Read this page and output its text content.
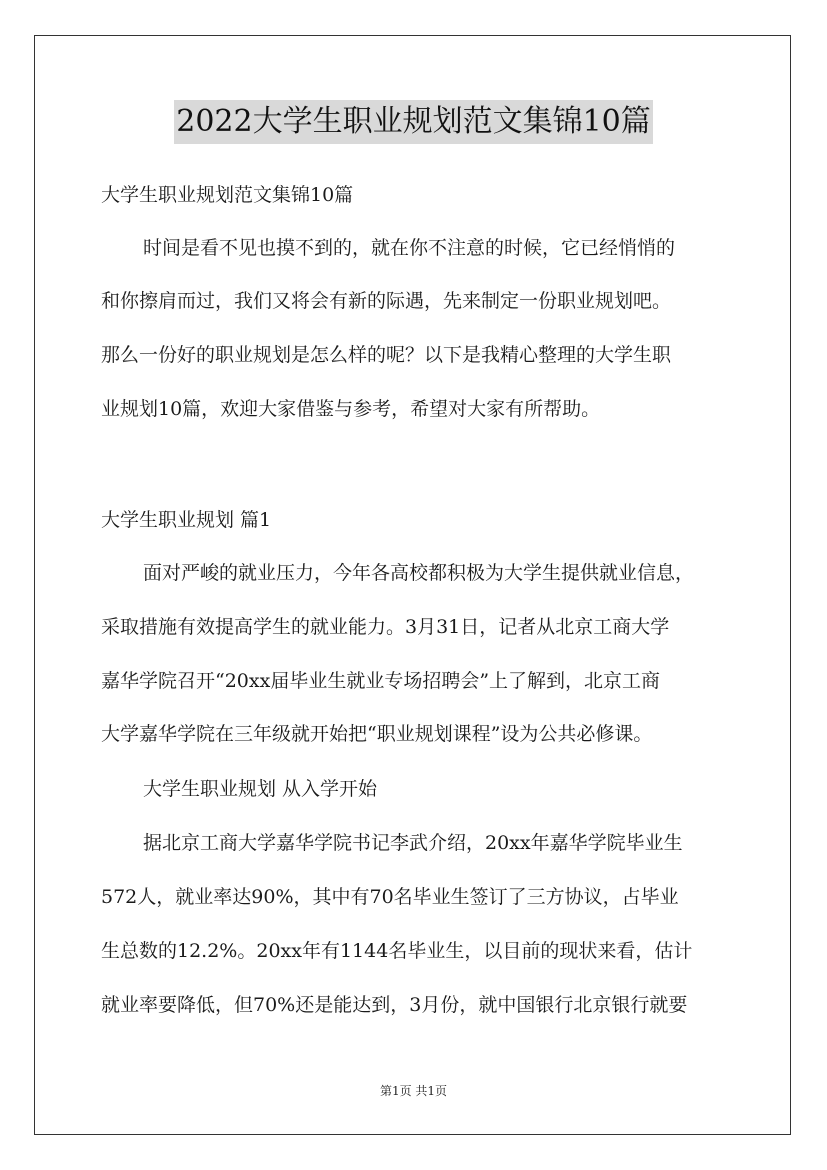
2022大学生职业规划范文集锦10篇
大学生职业规划范文集锦10篇
时间是看不见也摸不到的，就在你不注意的时候，它已经悄悄的
和你擦肩而过，我们又将会有新的际遇，先来制定一份职业规划吧。
那么一份好的职业规划是怎么样的呢？以下是我精心整理的大学生职
业规划10篇，欢迎大家借鉴与参考，希望对大家有所帮助。
大学生职业规划 篇1
面对严峻的就业压力，今年各高校都积极为大学生提供就业信息，
采取措施有效提高学生的就业能力。3月31日，记者从北京工商大学
嘉华学院召开“20xx届毕业生就业专场招聘会”上了解到，北京工商
大学嘉华学院在三年级就开始把“职业规划课程”设为公共必修课。
大学生职业规划 从入学开始
据北京工商大学嘉华学院书记李武介绍，20xx年嘉华学院毕业生
572人，就业率达90%，其中有70名毕业生签订了三方协议，占毕业
生总数的12.2%。20xx年有1144名毕业生，以目前的现状来看，估计
就业率要降低，但70%还是能达到，3月份，就中国银行北京银行就要
第1页 共1页
